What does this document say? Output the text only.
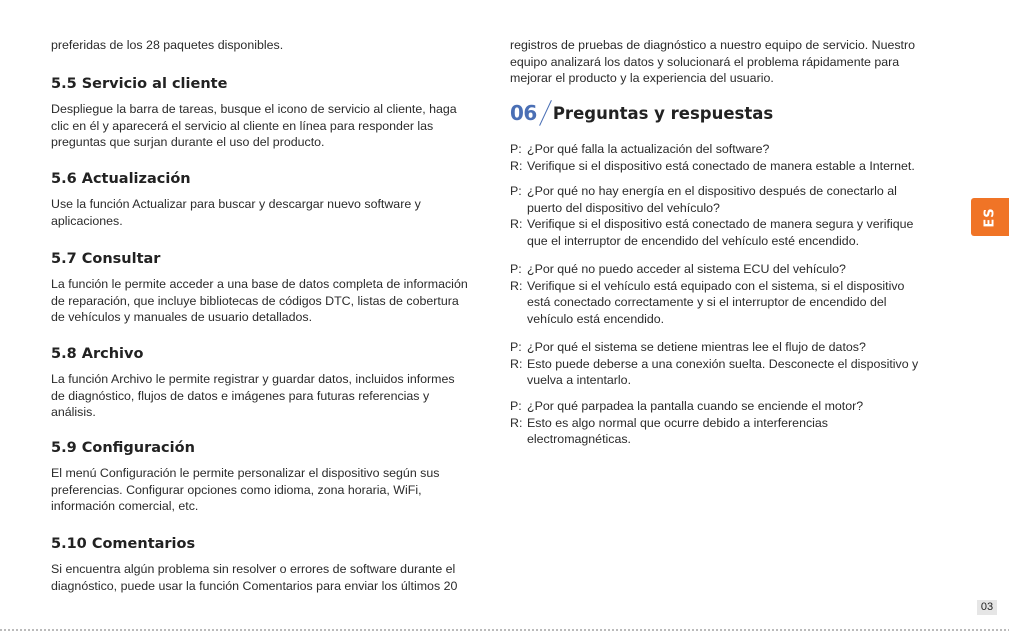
preferidas de los 28 paquetes disponibles.

5.5 Servicio al cliente

Despliegue la barra de tareas, busque el icono de servicio al cliente, haga

clic en él y aparecerá el servicio al cliente en línea para responder las

preguntas que surjan durante el uso del producto.

5.6 Actualización

Use la función Actualizar para buscar y descargar nuevo software y

aplicaciones.

5.7 Consultar

La función le permite acceder a una base de datos completa de información

de reparación, que incluye bibliotecas de códigos DTC, listas de cobertura

de vehículos y manuales de usuario detallados.

5.8 Archivo

La función Archivo le permite registrar y guardar datos, incluidos informes

de diagnóstico, flujos de datos e imágenes para futuras referencias y

análisis.

5.9 Configuración

El menú Configuración le permite personalizar el dispositivo según sus

preferencias. Configurar opciones como idioma, zona horaria, WiFi,

información comercial, etc.

5.10 Comentarios

Si encuentra algún problema sin resolver o errores de software durante el

diagnóstico, puede usar la función Comentarios para enviar los últimos 20

registros de pruebas de diagnóstico a nuestro equipo de servicio. Nuestro

equipo analizará los datos y solucionará el problema rápidamente para

mejorar el producto y la experiencia del usuario.

06 Preguntas y respuestas
P: ¿Por qué falla la actualización del software?
R: Verifique si el dispositivo está conectado de manera estable a Internet.
P: ¿Por qué no hay energía en el dispositivo después de conectarlo al
puerto del dispositivo del vehículo?
R: Verifique si el dispositivo está conectado de manera segura y verifique
que el interruptor de encendido del vehículo esté encendido.
P: ¿Por qué no puedo acceder al sistema ECU del vehículo?
R: Verifique si el vehículo está equipado con el sistema, si el dispositivo
está conectado correctamente y si el interruptor de encendido del
vehículo está encendido.
P: ¿Por qué el sistema se detiene mientras lee el flujo de datos?
R: Esto puede deberse a una conexión suelta. Desconecte el dispositivo y
vuelva a intentarlo.
P: ¿Por qué parpadea la pantalla cuando se enciende el motor?
R: Esto es algo normal que ocurre debido a interferencias
electromagnéticas.
ES
03
